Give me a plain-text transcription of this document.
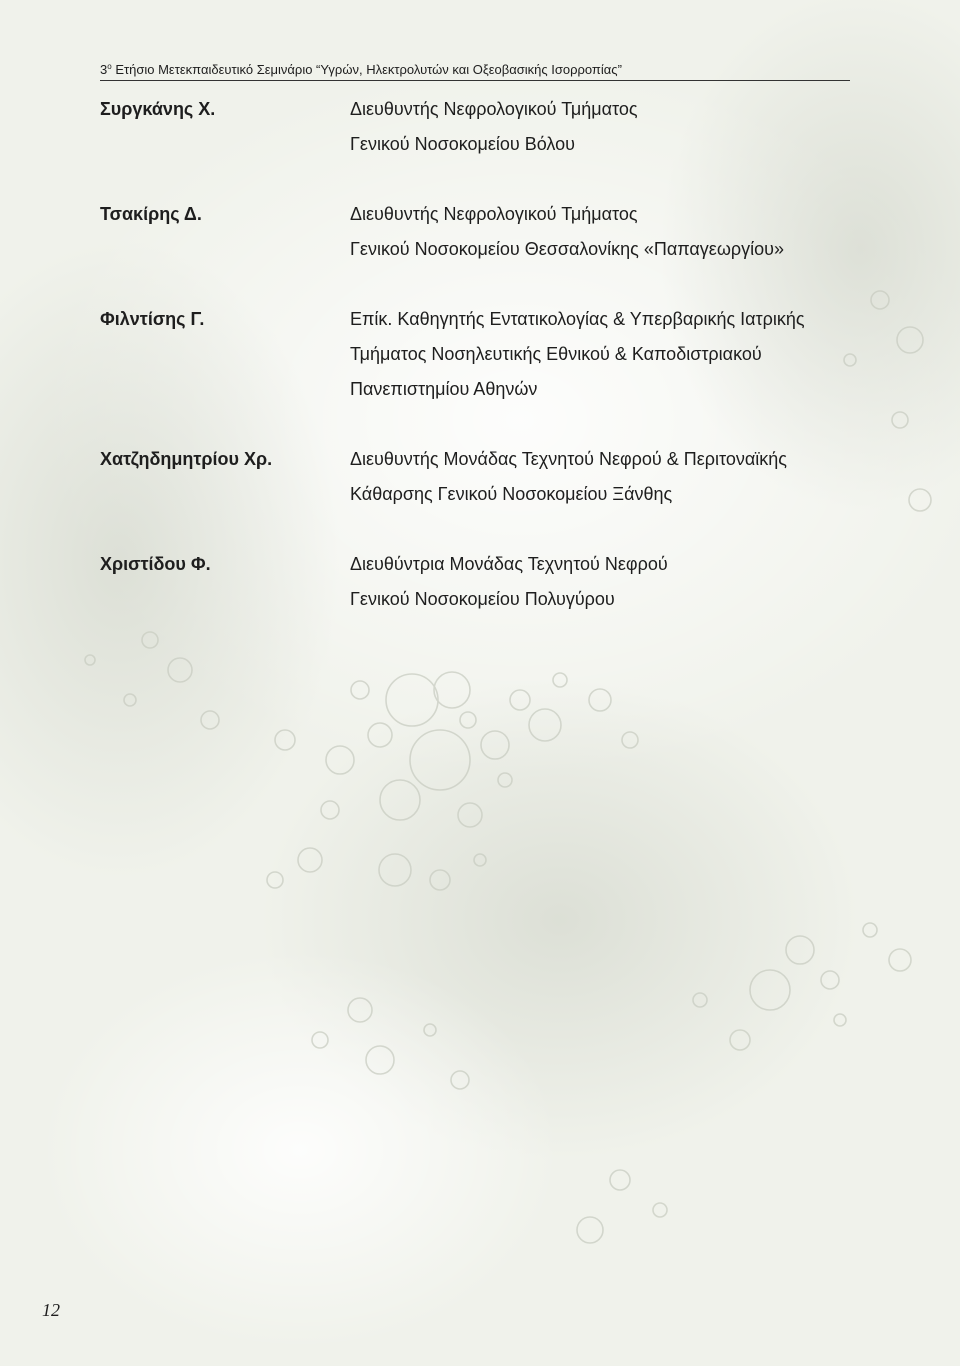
$3^o$ Ετήσιο Μετεκπαιδευτικό Σεμινάριο “Υγρών, Ηλεκτρολυτών και Οξεοβασικής Ισορροπίας”
Συργκάνης Χ.	Διευθυντής Νεφρολογικού Τμήματος
Γενικού Νοσοκομείου Βόλου
Τσακίρης Δ.	Διευθυντής Νεφρολογικού Τμήματος
Γενικού Νοσοκομείου Θεσσαλονίκης «Παπαγεωργίου»
Φιλντίσης Γ.	Επίκ. Καθηγητής Εντατικολογίας & Υπερβαρικής Ιατρικής
Τμήματος Νοσηλευτικής Εθνικού & Καποδιστριακού
Πανεπιστημίου Αθηνών
Χατζηδημητρίου Χρ.	Διευθυντής Μονάδας Τεχνητού Νεφρού & Περιτοναϊκής
Κάθαρσης Γενικού Νοσοκομείου Ξάνθης
Χριστίδου Φ.	Διευθύντρια Μονάδας Τεχνητού Νεφρού
Γενικού Νοσοκομείου Πολυγύρου
12
